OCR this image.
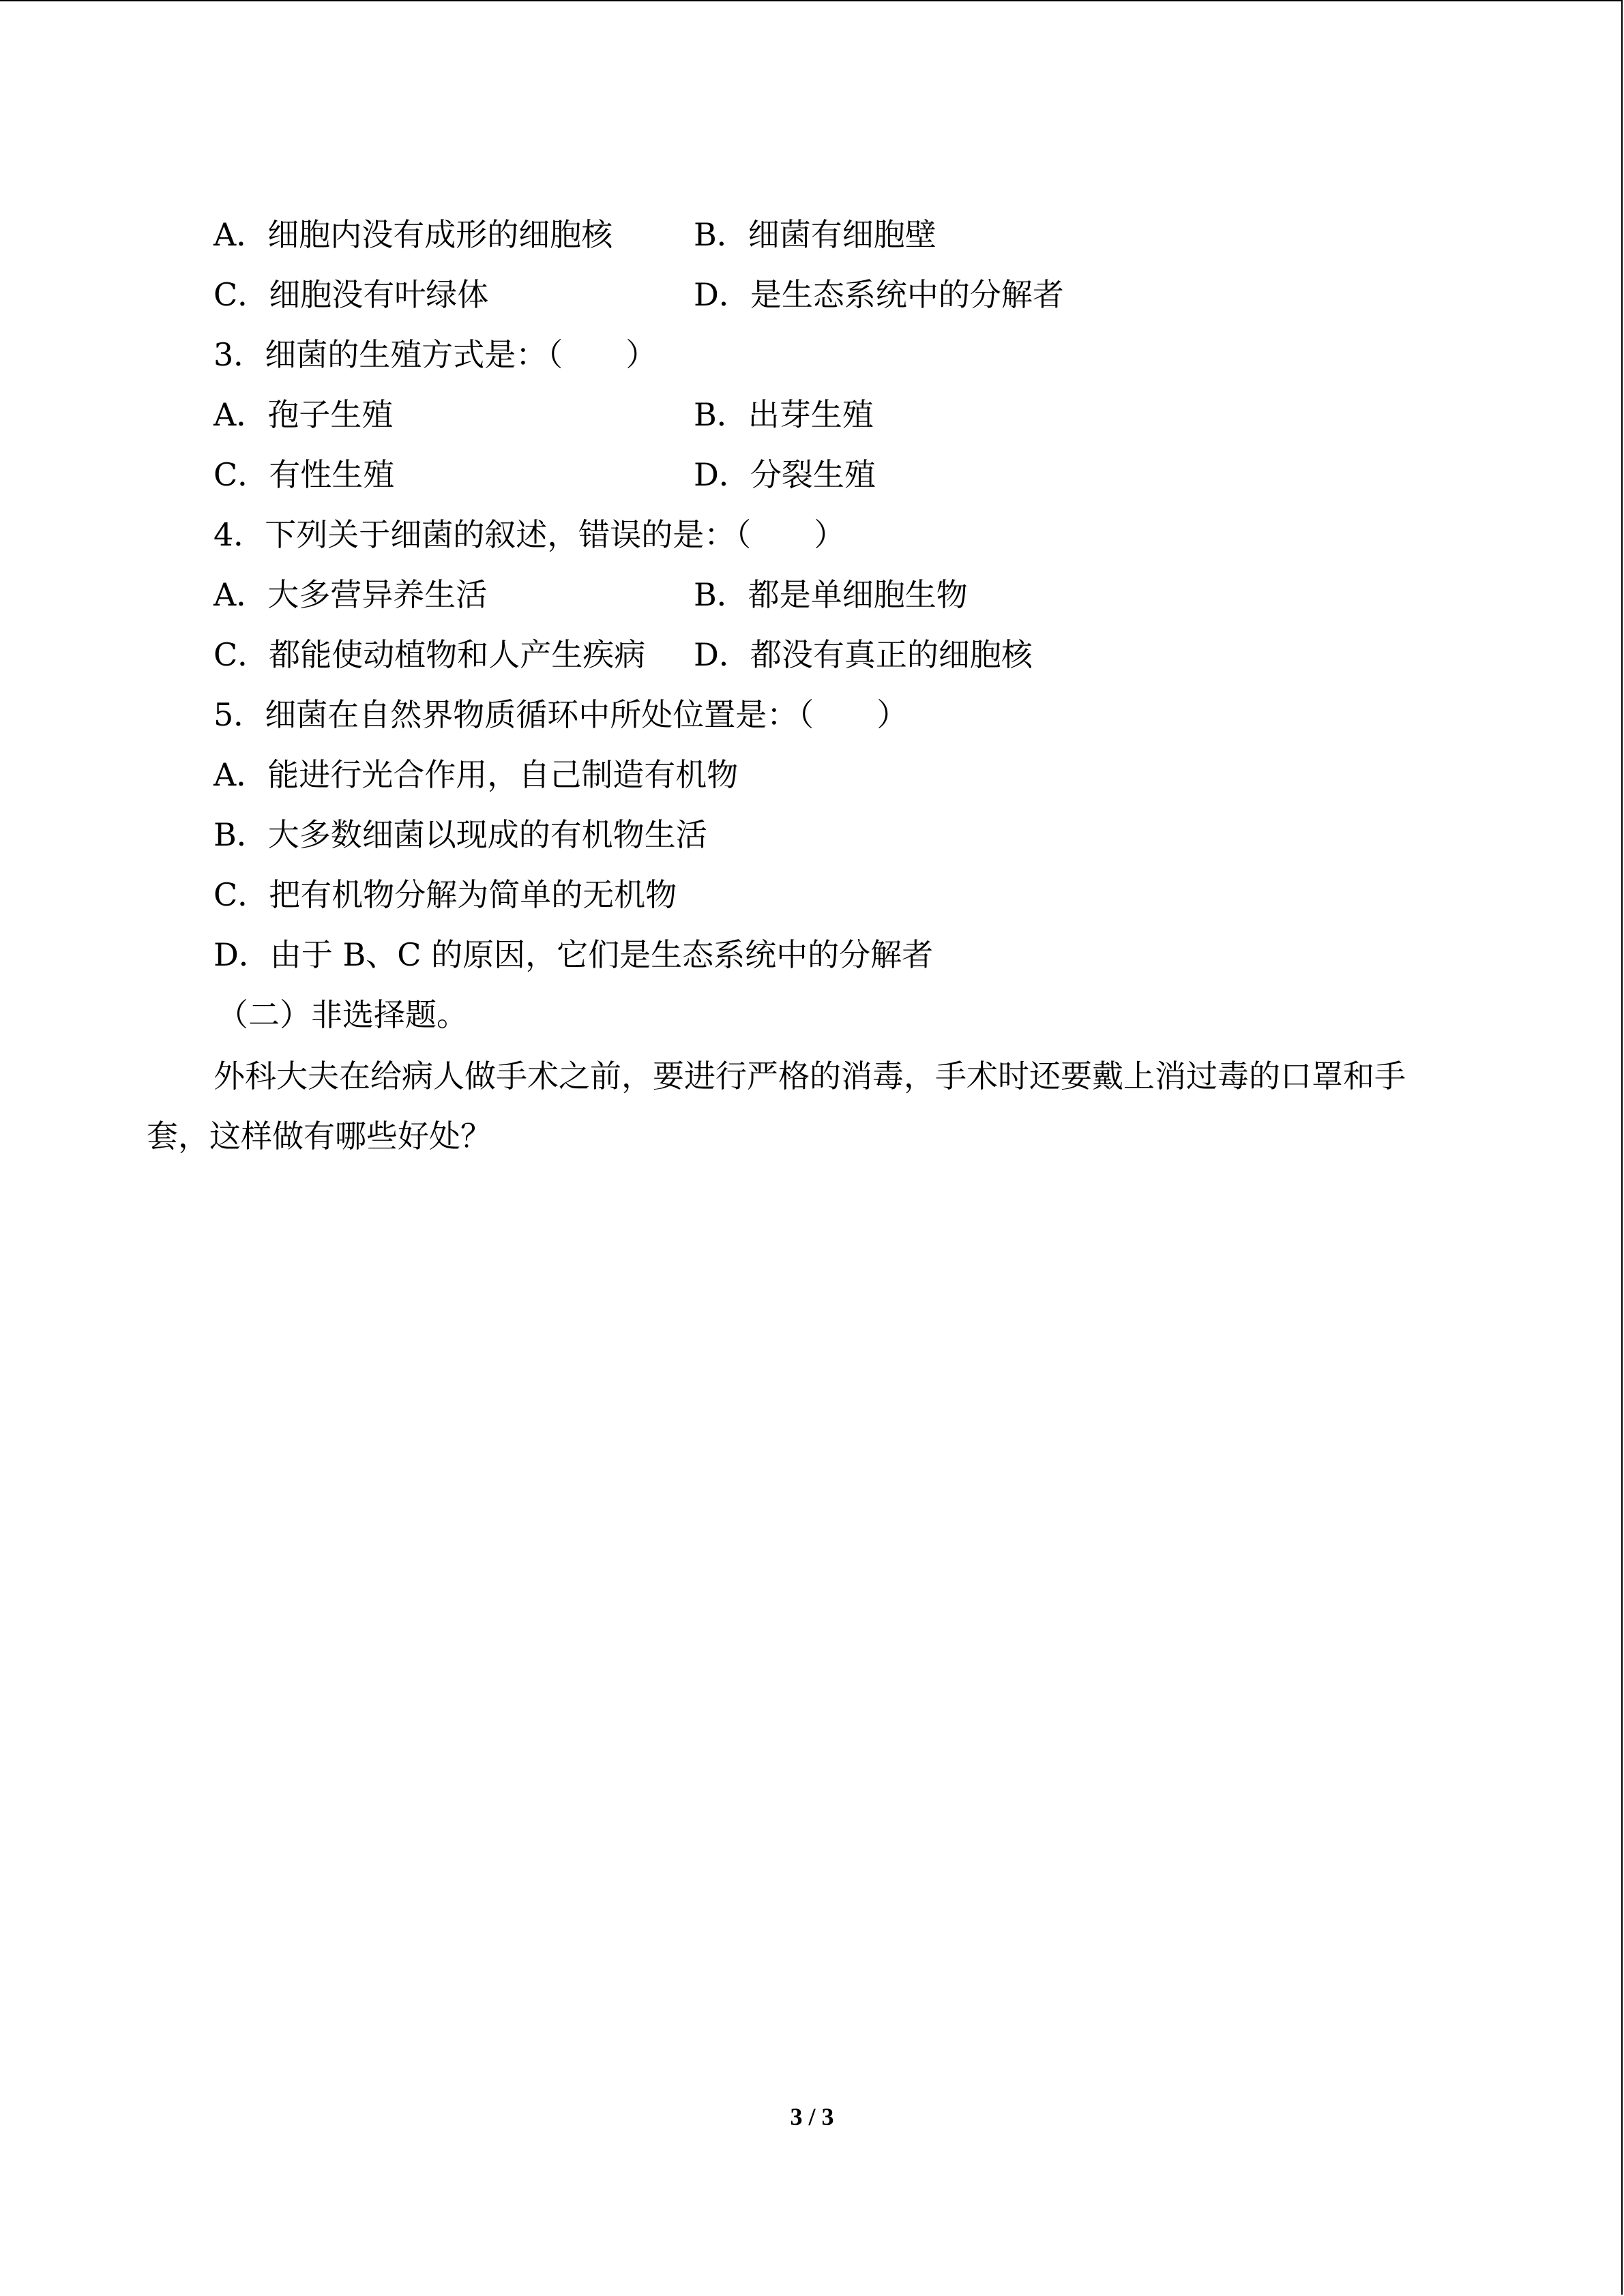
A．细胞内没有成形的细胞核	B．细菌有细胞壁
C．细胞没有叶绿体	D．是生态系统中的分解者
3．细菌的生殖方式是：（　　）
A．孢子生殖	B．出芽生殖
C．有性生殖	D．分裂生殖
4．下列关于细菌的叙述，错误的是：（　　）
A．大多营异养生活	B．都是单细胞生物
C．都能使动植物和人产生疾病 D．都没有真正的细胞核
5．细菌在自然界物质循环中所处位置是：（　　）
A．能进行光合作用，自己制造有机物
B．大多数细菌以现成的有机物生活
C．把有机物分解为简单的无机物
D．由于 B、C 的原因，它们是生态系统中的分解者
（二）非选择题。
外科大夫在给病人做手术之前，要进行严格的消毒，手术时还要戴上消过毒的口罩和手
套，这样做有哪些好处？
3 / 3
